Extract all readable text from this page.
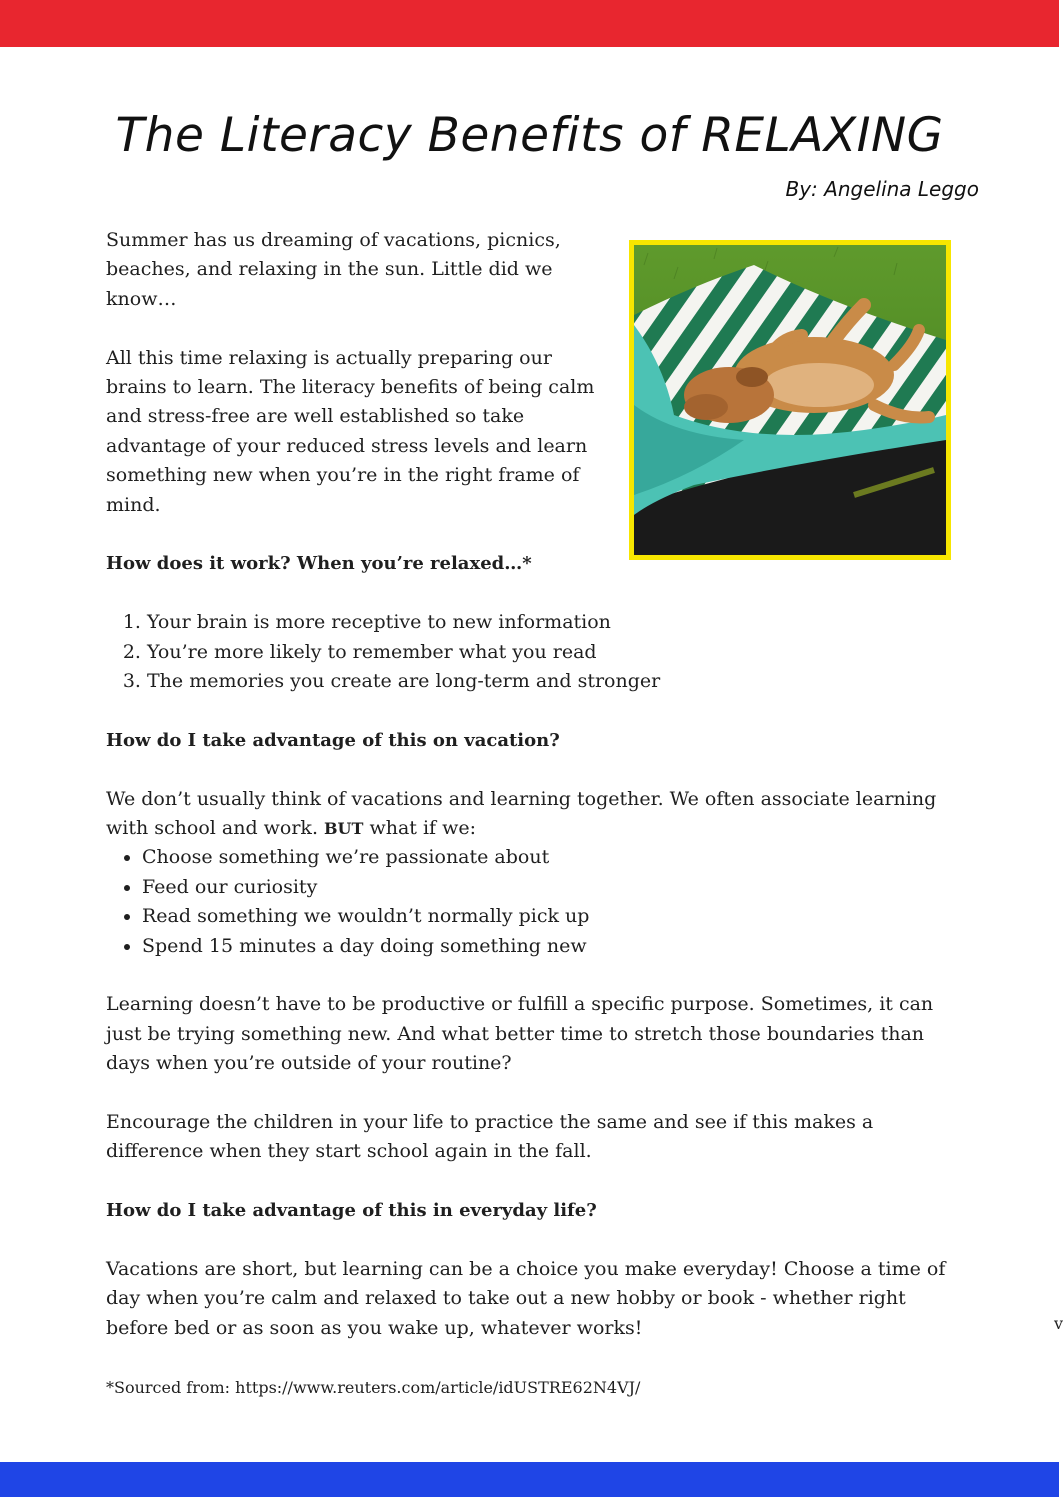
The Literacy Benefits of RELAXING
By: Angelina Leggo

Summer has us dreaming of vacations, picnics, beaches, and relaxing in the sun. Little did we know…

All this time relaxing is actually preparing our brains to learn. The literacy benefits of being calm and stress-free are well established so take advantage of your reduced stress levels and learn something new when you’re in the right frame of mind.

How does it work? When you’re relaxed…*

1. Your brain is more receptive to new information
2. You’re more likely to remember what you read
3. The memories you create are long-term and stronger

How do I take advantage of this on vacation?

We don’t usually think of vacations and learning together. We often associate learning with school and work. BUT what if we:

• Choose something we’re passionate about
• Feed our curiosity
• Read something we wouldn’t normally pick up
• Spend 15 minutes a day doing something new

Learning doesn’t have to be productive or fulfill a specific purpose. Sometimes, it can just be trying something new. And what better time to stretch those boundaries than days when you’re outside of your routine?

Encourage the children in your life to practice the same and see if this makes a difference when they start school again in the fall.

How do I take advantage of this in everyday life?

Vacations are short, but learning can be a choice you make everyday! Choose a time of day when you’re calm and relaxed to take out a new hobby or book - whether right before bed or as soon as you wake up, whatever works!

*Sourced from: https://www.reuters.com/article/idUSTRE62N4VJ/

v
